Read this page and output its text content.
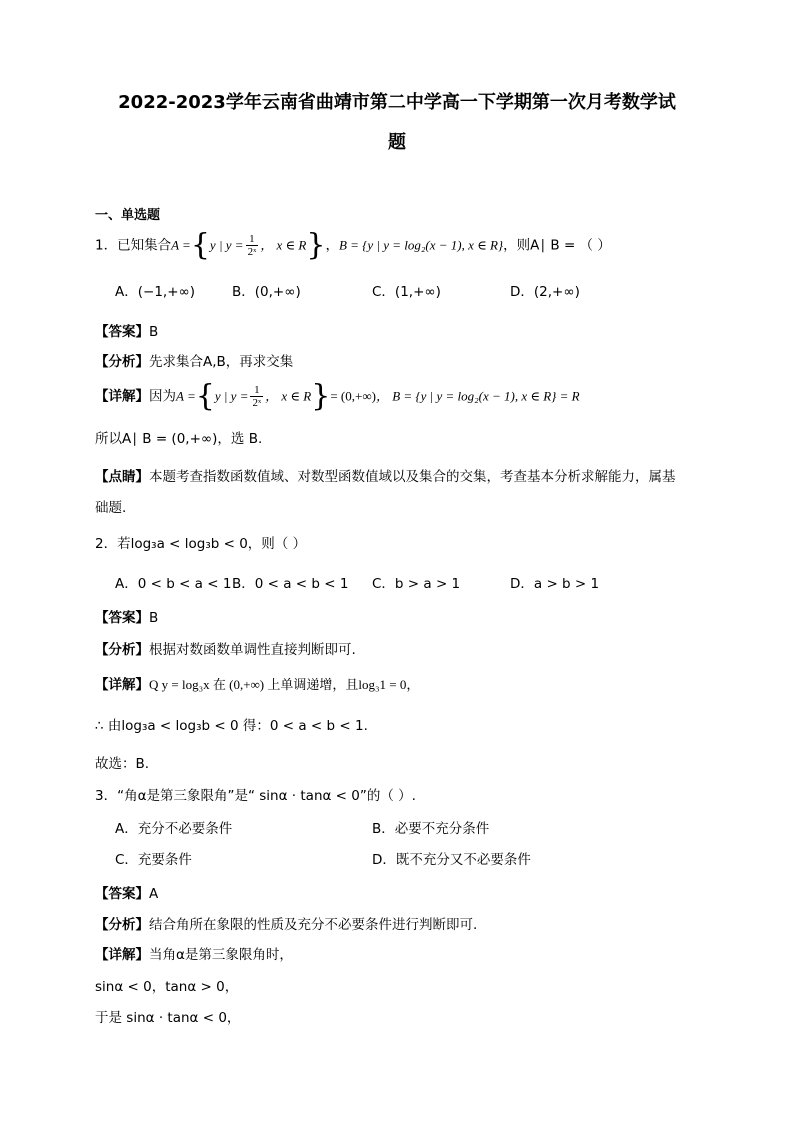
2022-2023学年云南省曲靖市第二中学高一下学期第一次月考数学试
题
一、单选题
1．已知集合A ={y | $y = \frac{1}{\text{2ˣ}}$ ， x ∈ R}，B = {y | y = log₂(x − 1), x ∈ R}，则A∣ B = （ ）
A．(−1,+∞)	B．(0,+∞)	C．(1,+∞)	D．(2,+∞)
【答案】B
【分析】先求集合A,B，再求交集
【详解】因为A ={y | $y = \frac{1}{\text{2ˣ}}$ ， x ∈ R}= (0,+∞)， B = {y | y = log₂(x − 1), x ∈ R} = R
所以A∣ B = (0,+∞)，选 B.
【点睛】本题考查指数函数值域、对数型函数值域以及集合的交集，考查基本分析求解能力，属基
础题.
2．若log₃a < log₃b < 0，则（ ）
A．0 < b < a < 1 B．0 < a < b < 1 C．b > a > 1	D．a > b > 1
【答案】B
【分析】根据对数函数单调性直接判断即可.
【详解】Q y = log₃x 在 (0,+∞) 上单调递增，且log₃1 = 0，
∴ 由log₃a < log₃b < 0 得：0 < a < b < 1.
故选：B.
3．“角α是第三象限角”是“ sinα · tanα < 0”的（ ）.
A．充分不必要条件	B．必要不充分条件
C．充要条件	D．既不充分又不必要条件
【答案】A
【分析】结合角所在象限的性质及充分不必要条件进行判断即可.
【详解】当角α是第三象限角时，
sinα < 0，tanα > 0，
于是 sinα · tanα < 0，
